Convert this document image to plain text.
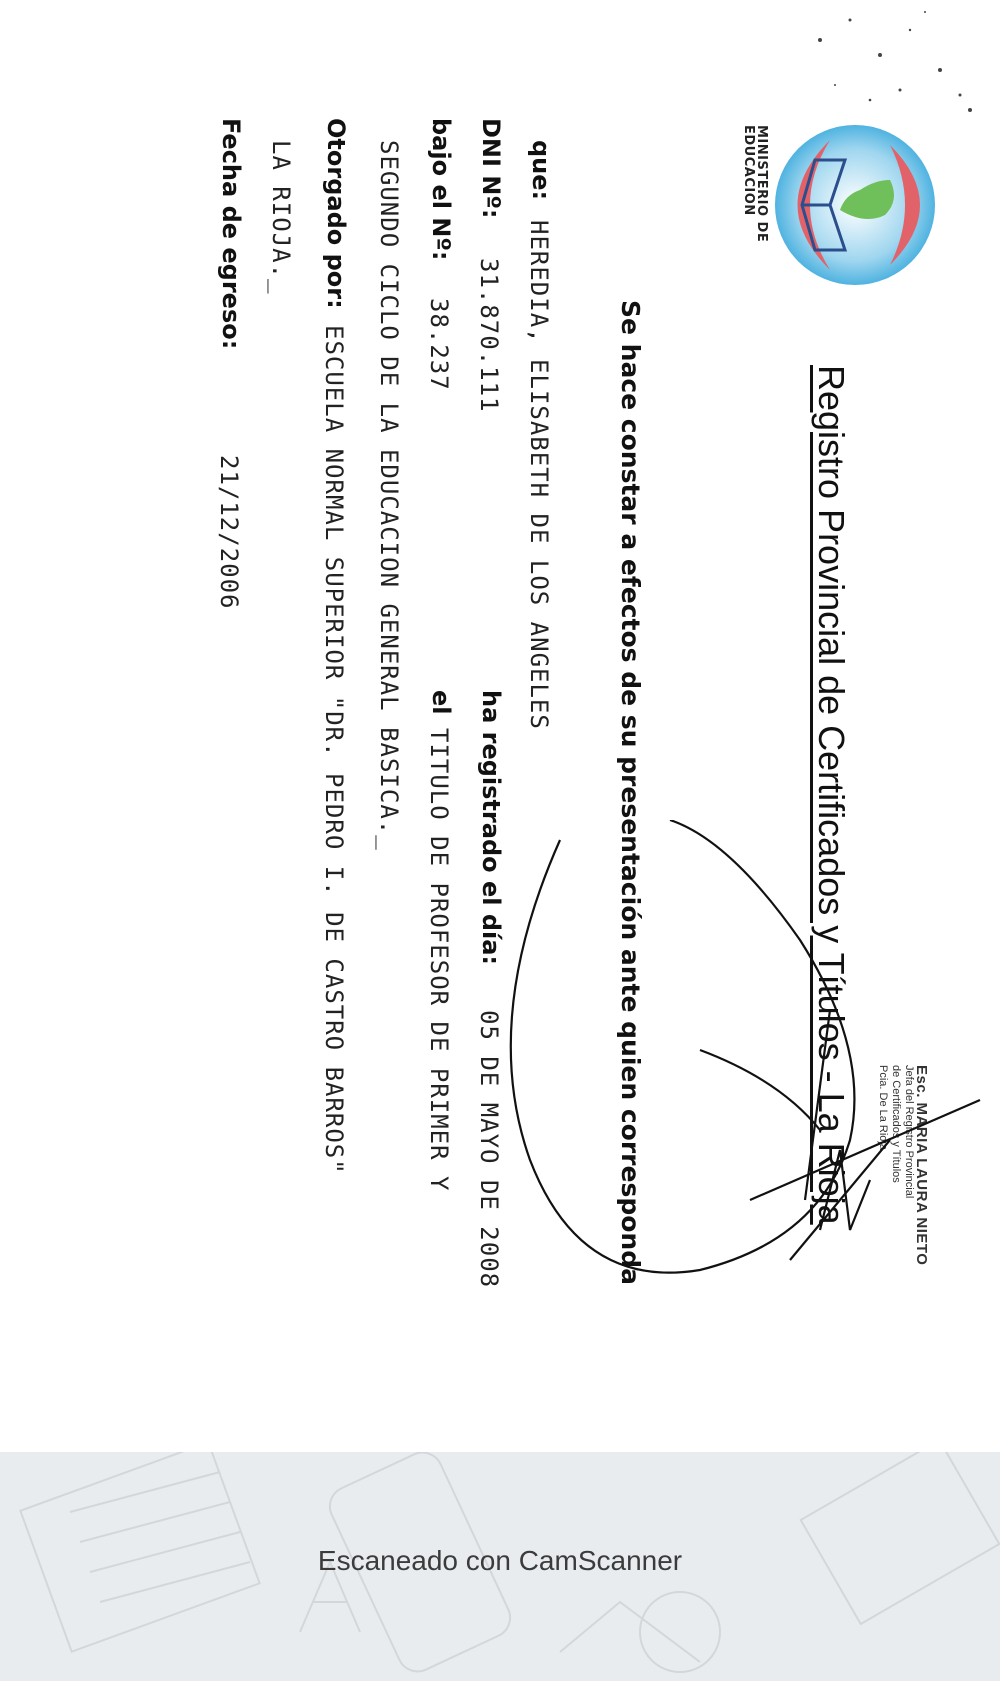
MINISTERIO DE EDUCACION
Registro Provincial de Certificados y Títulos - La Rioja
Se hace constar a efectos de su presentación ante quien corresponda
que:
HEREDIA, ELISABETH DE LOS ANGELES
DNI Nº:
31.870.111
ha registrado el día:
05 DE MAYO DE 2008
bajo el Nº:
38.237
el
TITULO DE PROFESOR DE PRIMER Y
SEGUNDO CICLO DE LA EDUCACION GENERAL BASICA._
Otorgado por:
ESCUELA NORMAL SUPERIOR "DR. PEDRO I. DE CASTRO BARROS"
LA RIOJA._
Fecha de egreso:
21/12/2006
Esc. MARIA LAURA NIETO
Jefa del Registro Provincial
de Certificados y Títulos
Pcia. De La Rioja
Escaneado con CamScanner
